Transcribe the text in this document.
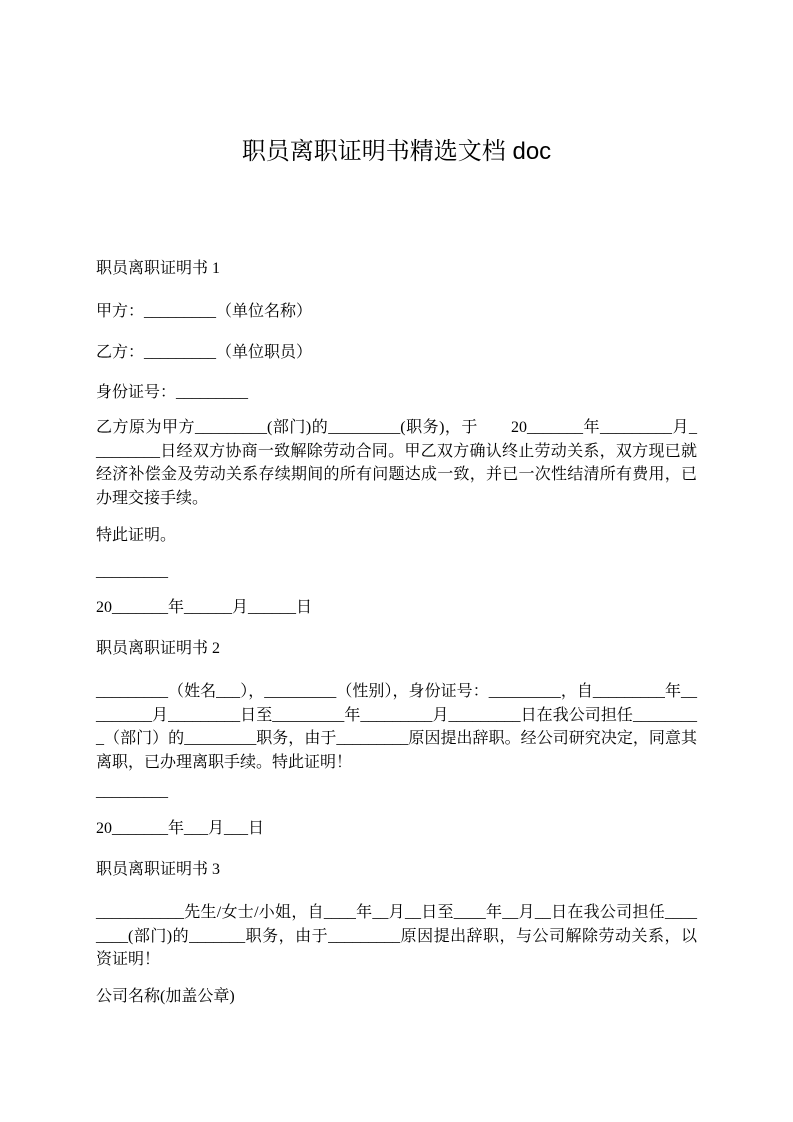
职员离职证明书精选文档 doc
职员离职证明书 1
甲方：_________（单位名称）
乙方：_________（单位职员）
身份证号：_________
乙方原为甲方_________(部门)的_________(职务)，于　　20_______年_________月_
________日经双方协商一致解除劳动合同。甲乙双方确认终止劳动关系，双方现已就
经济补偿金及劳动关系存续期间的所有问题达成一致，并已一次性结清所有费用，已
办理交接手续。
特此证明。
_________
20_______年______月______日
职员离职证明书 2
_________（姓名___），_________（性别），身份证号：_________，自_________年__
_______月_________日至_________年_________月_________日在我公司担任________
_（部门）的_________职务，由于_________原因提出辞职。经公司研究决定，同意其
离职，已办理离职手续。特此证明！
_________
20_______年___月___日
职员离职证明书 3
___________先生/女士/小姐，自____年__月__日至____年__月__日在我公司担任____
____(部门)的_______职务，由于_________原因提出辞职，与公司解除劳动关系，以
资证明！
公司名称(加盖公章)
